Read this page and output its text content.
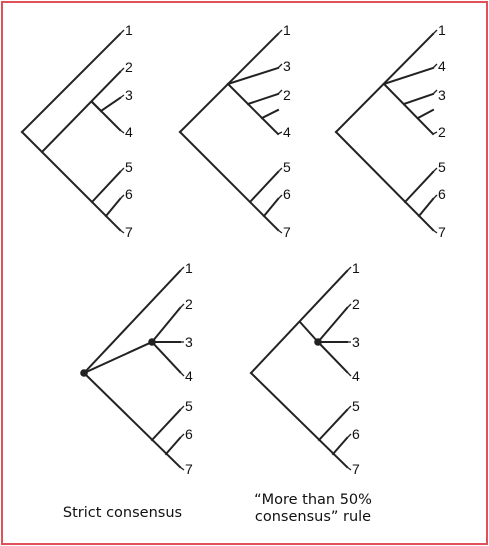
1
2
3
4
5
6
7
1
3
2
4
5
6
7
1
4
3
2
5
6
7
1
2
3
4
5
6
7
1
2
3
4
5
6
7
Strict consensus
“More than 50%
consensus” rule
